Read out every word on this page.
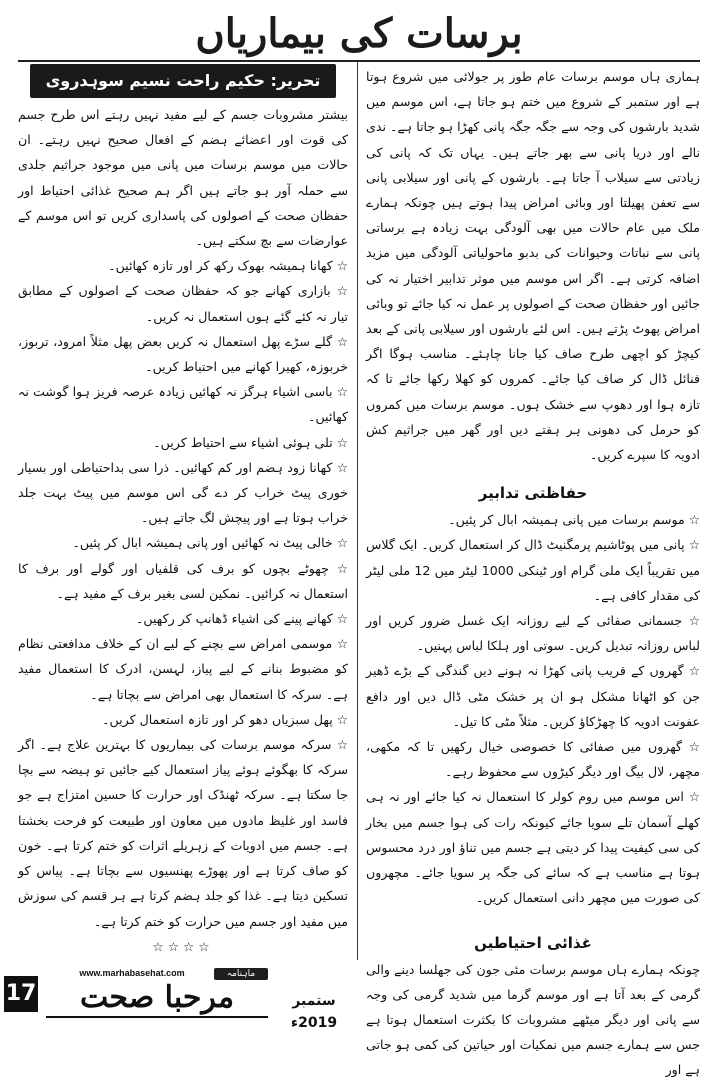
برسات کی بیماریاں
تحریر: حکیم راحت نسیم سوہدروی	ہماری ہاں موسم برسات عام طور پر جولائی میں شروع ہوتا ہے اور ستمبر کے شروع میں ختم ہو جاتا ہے، اس موسم میں شدید بارشوں کی وجہ سے جگہ جگہ پانی کھڑا ہو جاتا ہے۔ ندی نالے اور دریا پانی سے بھر جاتے ہیں۔ یہاں تک کہ پانی کی زیادتی سے سیلاب آ جاتا ہے۔ بارشوں کے پانی اور سیلابی پانی سے تعفن پھیلتا اور وبائی امراض پیدا ہوتے ہیں چونکہ ہمارے ملک میں عام حالات میں بھی آلودگی بہت زیادہ ہے برساتی پانی سے نباتات وحیوانات کی بدبو ماحولیاتی آلودگی میں مزید اضافہ کرتی ہے۔ اگر اس موسم میں موثر تدابیر اختیار نہ کی جائیں اور حفظان صحت کے اصولوں پر عمل نہ کیا جائے تو وبائی امراض پھوٹ پڑتے ہیں۔ اس لئے بارشوں اور سیلابی پانی کے بعد کیچڑ کو اچھی طرح صاف کیا جانا چاہئے۔ مناسب ہوگا اگر فنائل ڈال کر صاف کیا جائے۔ کمروں کو کھلا رکھا جائے تا کہ تازہ ہوا اور دھوپ سے خشک ہوں۔ موسم برسات میں کمروں کو حرمل کی دھونی ہر ہفتے دیں اور گھر میں جراثیم کش ادویہ کا سپرے کریں۔

حفاظتی تدابیر

☆ موسم برسات میں پانی ہمیشہ ابال کر پئیں۔

☆ پانی میں پوٹاشیم پرمگنیٹ ڈال کر استعمال کریں۔ ایک گلاس میں تقریباً ایک ملی گرام اور ٹینکی 1000 لیٹر میں 12 ملی لیٹر کی مقدار کافی ہے۔

☆ جسمانی صفائی کے لیے روزانہ ایک غسل ضرور کریں اور لباس روزانہ تبدیل کریں۔ سوتی اور ہلکا لباس پہنیں۔

☆ گھروں کے قریب پانی کھڑا نہ ہونے دیں گندگی کے بڑے ڈھیر جن کو اٹھانا مشکل ہو ان پر خشک مٹی ڈال دیں اور دافع عفونت ادویہ کا چھڑکاؤ کریں۔ مثلاً مٹی کا تیل۔

☆ گھروں میں صفائی کا خصوصی خیال رکھیں تا کہ مکھی، مچھر، لال بیگ اور دیگر کیڑوں سے محفوظ رہے۔

☆ اس موسم میں روم کولر کا استعمال نہ کیا جائے اور نہ ہی کھلے آسمان تلے سویا جائے کیونکہ رات کی ہوا جسم میں بخار کی سی کیفیت پیدا کر دیتی ہے جسم میں تناؤ اور درد محسوس ہوتا ہے مناسب ہے کہ سائے کی جگہ پر سویا جائے۔ مچھروں کی صورت میں مچھر دانی استعمال کریں۔

غذائی احتیاطیں

چونکہ ہمارے ہاں موسم برسات مئی جون کی جھلسا دینے والی گرمی کے بعد آتا ہے اور موسم گرما میں شدید گرمی کی وجہ سے پانی اور دیگر میٹھے مشروبات کا بکثرت استعمال ہوتا ہے جس سے ہمارے جسم میں نمکیات اور حیاتین کی کمی ہو جاتی ہے اور

بیشتر مشروبات جسم کے لیے مفید نہیں رہتے اس طرح جسم کی قوت اور اعضائے ہضم کے افعال صحیح نہیں رہتے۔ ان حالات میں موسم برسات میں پانی میں موجود جراثیم جلدی سے حملہ آور ہو جاتے ہیں اگر ہم صحیح غذائی احتیاط اور حفظان صحت کے اصولوں کی پاسداری کریں تو اس موسم کے عوارضات سے بچ سکتے ہیں۔

☆ کھانا ہمیشہ بھوک رکھ کر اور تازہ کھائیں۔

☆ بازاری کھانے جو کہ حفظان صحت کے اصولوں کے مطابق تیار نہ کئے گئے ہوں استعمال نہ کریں۔

☆ گلے سڑے پھل استعمال نہ کریں بعض پھل مثلاً امرود، تربوز، خربوزہ، کھیرا کھانے میں احتیاط کریں۔

☆ باسی اشیاء ہرگز نہ کھائیں زیادہ عرصہ فریز ہوا گوشت نہ کھائیں۔

☆ تلی ہوئی اشیاء سے احتیاط کریں۔

☆ کھانا زود ہضم اور کم کھائیں۔ ذرا سی بداحتیاطی اور بسیار خوری پیٹ خراب کر دے گی اس موسم میں پیٹ بہت جلد خراب ہوتا ہے اور پیچش لگ جاتے ہیں۔

☆ خالی پیٹ نہ کھائیں اور پانی ہمیشہ ابال کر پئیں۔

☆ چھوٹے بچوں کو برف کی قلفیاں اور گولے اور برف کا استعمال نہ کرائیں۔ نمکین لسی بغیر برف کے مفید ہے۔

☆ کھانے پینے کی اشیاء ڈھانپ کر رکھیں۔

☆ موسمی امراض سے بچنے کے لیے ان کے خلاف مدافعتی نظام کو مضبوط بنانے کے لیے پیاز، لہسن، ادرک کا استعمال مفید ہے۔ سرکہ کا استعمال بھی امراض سے بچاتا ہے۔

☆ پھل سبزیاں دھو کر اور تازہ استعمال کریں۔

☆ سرکہ موسم برسات کی بیماریوں کا بہترین علاج ہے۔ اگر سرکہ کا بھگوئے ہوئے پیاز استعمال کیے جائیں تو ہیضہ سے بچا جا سکتا ہے۔ سرکہ ٹھنڈک اور حرارت کا حسین امتزاج ہے جو فاسد اور غلیظ مادوں میں معاون اور طبیعت کو فرحت بخشتا ہے۔ جسم میں ادویات کے زہریلے اثرات کو ختم کرتا ہے۔ خون کو صاف کرتا ہے اور پھوڑے پھنسیوں سے بچاتا ہے۔ پیاس کو تسکین دیتا ہے۔ غذا کو جلد ہضم کرتا ہے ہر قسم کی سوزش میں مفید اور جسم میں حرارت کو ختم کرتا ہے۔

☆☆☆☆

17
www.marhabasehat.com	ماہنامہ
مرحبا صحت	ستمبر 2019ء
